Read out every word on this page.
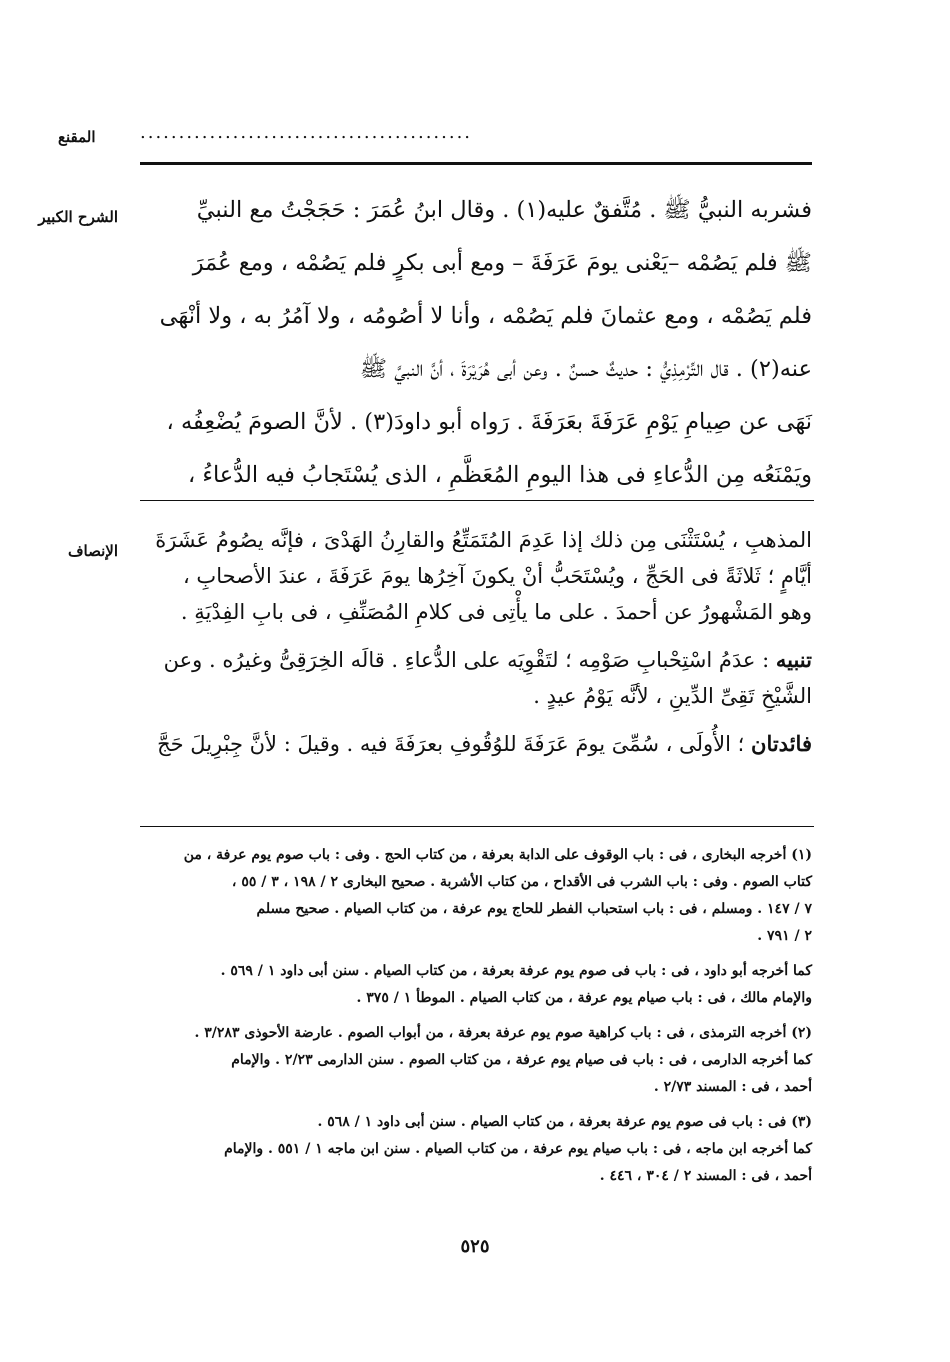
المقنع	...........................................
الشرح الكبير	فشربه النبيُّ ﷺ . مُتَّفقٌ عليه(١) . وقال ابنُ عُمَرَ : حَجَجْتُ مع النبيِّ
ﷺ فلم يَصُمْه –يَعْنى يومَ عَرَفَةَ – ومع أبى بكرٍ فلم يَصُمْه ، ومع عُمَرَ
فلم يَصُمْه ، ومع عثمانَ فلم يَصُمْه ، وأنا لا أصُومُه ، ولا آمُرُ به ، ولا أنْهَى
عنه(٢) . قال التِّرْمِذِيُّ : حديثٌ حسنٌ . وعن أبى هُرَيْرَةَ ، أنَّ النبيَّ ﷺ
نَهَى عن صِيامِ يَوْمِ عَرَفَةَ بعَرَفَةَ . رَواه أبو داودَ(٣) . لأنَّ الصومَ يُضْعِفُه ،
ويَمْنَعُه مِن الدُّعاءِ فى هذا اليومِ المُعَظَّمِ ، الذى يُسْتَجابُ فيه الدُّعاءُ ،
الإنصاف	المذهبِ ، يُسْتَثْنَى مِن ذلك إذا عَدِمَ المُتَمَتِّعُ والقارِنُ الهَدْىَ ، فإنَّه يصُومُ عَشَرَةَ
أيَّامٍ ؛ ثَلاثَةً فى الحَجِّ ، ويُسْتَحَبُّ أنْ يكونَ آخِرُها يومَ عَرَفَةَ ، عندَ الأصحابِ ،
وهو المَشْهورُ عن أحمدَ . على ما يأْتِى فى كلامِ المُصَنِّفِ ، فى بابِ الفِدْيَةِ .
تنبيه : عدَمُ اسْتِحْبابِ صَوْمِه ؛ لتَقْوِيَه على الدُّعاءِ . قالَه الخِرَقِىُّ وغيرُه . وعن
الشَّيْخِ تَقِىِّ الدِّينِ ، لأنَّه يَوْمُ عيدٍ .
فائدتان ؛ الأُولَى ، سُمِّىَ يومَ عَرَفَةَ للوُقُوفِ بعرَفَةَ فيه . وقيلَ : لأنَّ جِبْرِيلَ حَجَّ
(١) أخرجه البخارى ، فى : باب الوقوف على الدابة بعرفة ، من كتاب الحج . وفى : باب صوم يوم عرفة ، من
كتاب الصوم . وفى : باب الشرب فى الأقداح ، من كتاب الأشربة . صحيح البخارى ٢ / ١٩٨ ، ٣ / ٥٥ ،
٧ / ١٤٧ . ومسلم ، فى : باب استحباب الفطر للحاج يوم عرفة ، من كتاب الصيام . صحيح مسلم
٢ / ٧٩١ .
كما أخرجه أبو داود ، فى : باب فى صوم يوم عرفة بعرفة ، من كتاب الصيام . سنن أبى داود ١ / ٥٦٩ .
والإمام مالك ، فى : باب صيام يوم عرفة ، من كتاب الصيام . الموطأ ١ / ٣٧٥ .
(٢) أخرجه الترمذى ، فى : باب كراهية صوم يوم عرفة بعرفة ، من أبواب الصوم . عارضة الأحوذى ٣/٢٨٣ .
كما أخرجه الدارمى ، فى : باب فى صيام يوم عرفة ، من كتاب الصوم . سنن الدارمى ٢/٢٣ . والإمام
أحمد ، فى : المسند ٢/٧٣ .
(٣) فى : باب فى صوم يوم عرفة بعرفة ، من كتاب الصيام . سنن أبى داود ١ / ٥٦٨ .
كما أخرجه ابن ماجه ، فى : باب صيام يوم عرفة ، من كتاب الصيام . سنن ابن ماجه ١ / ٥٥١ . والإمام
أحمد ، فى : المسند ٢ / ٣٠٤ ، ٤٤٦ .
٥٢٥
